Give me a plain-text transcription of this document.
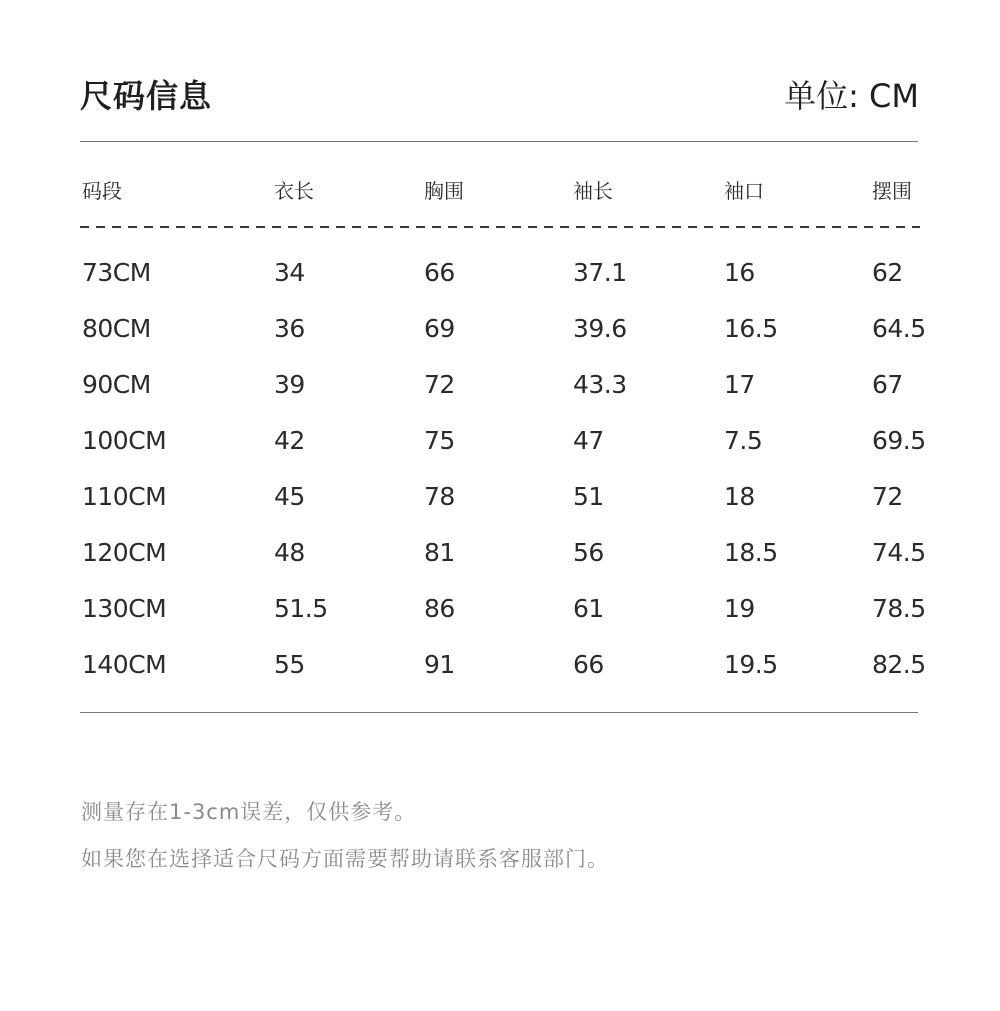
尺码信息	单位: CM
码段	衣长	胸围	袖长	袖口	摆围
73CM	34	66	37.1	16	62
80CM	36	69	39.6	16.5	64.5
90CM	39	72	43.3	17	67
100CM	42	75	47	7.5	69.5
110CM	45	78	51	18	72
120CM	48	81	56	18.5	74.5
130CM	51.5	86	61	19	78.5
140CM	55	91	66	19.5	82.5
测量存在1-3cm误差，仅供参考。
如果您在选择适合尺码方面需要帮助请联系客服部门。
